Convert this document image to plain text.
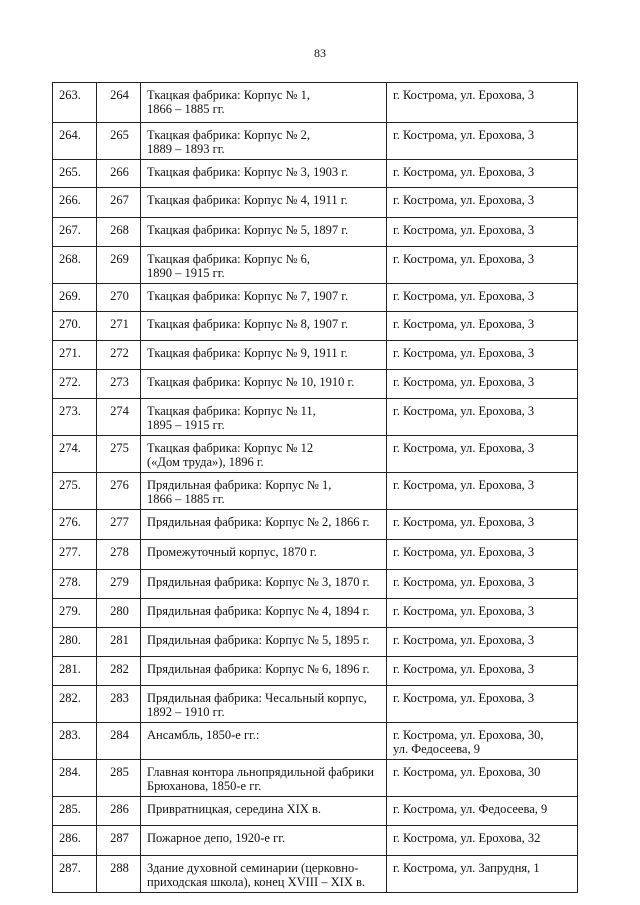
83
263.	264	Ткацкая фабрика: Корпус № 1,
1866 – 1885 гг.	г. Кострома, ул. Ерохова, 3
264.	265	Ткацкая фабрика: Корпус № 2,
1889 – 1893 гг.	г. Кострома, ул. Ерохова, 3
265.	266	Ткацкая фабрика: Корпус № 3, 1903 г.	г. Кострома, ул. Ерохова, 3
266.	267	Ткацкая фабрика: Корпус № 4, 1911 г.	г. Кострома, ул. Ерохова, 3
267.	268	Ткацкая фабрика: Корпус № 5, 1897 г.	г. Кострома, ул. Ерохова, 3
268.	269	Ткацкая фабрика: Корпус № 6,
1890 – 1915 гг.	г. Кострома, ул. Ерохова, 3
269.	270	Ткацкая фабрика: Корпус № 7, 1907 г.	г. Кострома, ул. Ерохова, 3
270.	271	Ткацкая фабрика: Корпус № 8, 1907 г.	г. Кострома, ул. Ерохова, 3
271.	272	Ткацкая фабрика: Корпус № 9, 1911 г.	г. Кострома, ул. Ерохова, 3
272.	273	Ткацкая фабрика: Корпус № 10, 1910 г.	г. Кострома, ул. Ерохова, 3
273.	274	Ткацкая фабрика: Корпус № 11,
1895 – 1915 гг.	г. Кострома, ул. Ерохова, 3
274.	275	Ткацкая фабрика: Корпус № 12
(«Дом труда»), 1896 г.	г. Кострома, ул. Ерохова, 3
275.	276	Прядильная фабрика: Корпус № 1,
1866 – 1885 гг.	г. Кострома, ул. Ерохова, 3
276.	277	Прядильная фабрика: Корпус № 2, 1866 г.	г. Кострома, ул. Ерохова, 3
277.	278	Промежуточный корпус, 1870 г.	г. Кострома, ул. Ерохова, 3
278.	279	Прядильная фабрика: Корпус № 3, 1870 г.	г. Кострома, ул. Ерохова, 3
279.	280	Прядильная фабрика: Корпус № 4, 1894 г.	г. Кострома, ул. Ерохова, 3
280.	281	Прядильная фабрика: Корпус № 5, 1895 г.	г. Кострома, ул. Ерохова, 3
281.	282	Прядильная фабрика: Корпус № 6, 1896 г.	г. Кострома, ул. Ерохова, 3
282.	283	Прядильная фабрика: Чесальный корпус,
1892 – 1910 гг.	г. Кострома, ул. Ерохова, 3
283.	284	Ансамбль, 1850-е гг.:	г. Кострома, ул. Ерохова, 30,
ул. Федосеева, 9
284.	285	Главная контора льнопрядильной фабрики
Брюханова, 1850-е гг.	г. Кострома, ул. Ерохова, 30
285.	286	Привратницкая, середина XIX в.	г. Кострома, ул. Федосеева, 9
286.	287	Пожарное депо, 1920-е гг.	г. Кострома, ул. Ерохова, 32
287.	288	Здание духовной семинарии (церковно-
приходская школа), конец XVIII – XIX в.	г. Кострома, ул. Запрудня, 1
